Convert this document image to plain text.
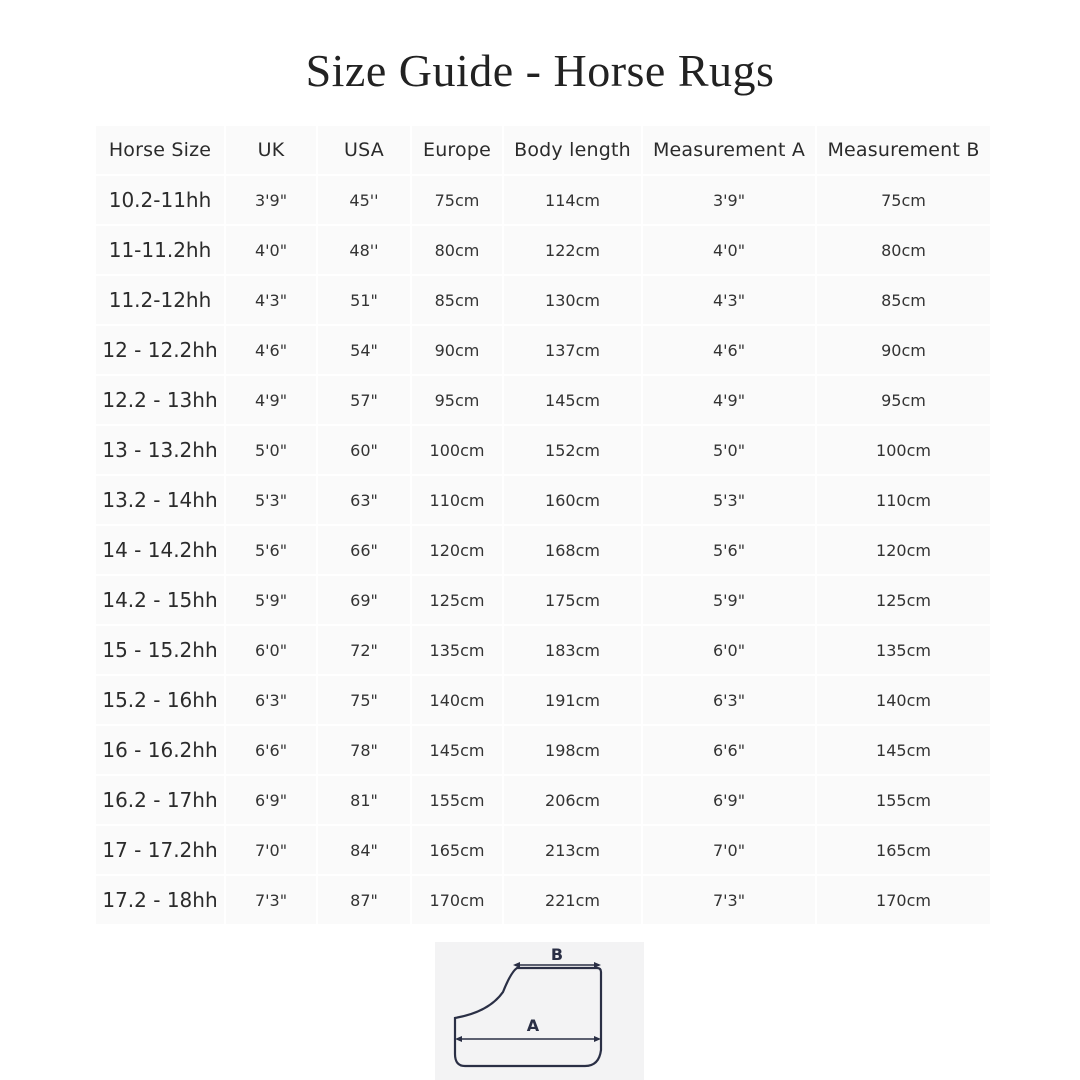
Size Guide - Horse Rugs
Horse Size	UK	USA	Europe	Body length	Measurement A	Measurement B
10.2-11hh	3'9"	45''	75cm	114cm	3'9"	75cm
11-11.2hh	4'0"	48''	80cm	122cm	4'0"	80cm
11.2-12hh	4'3"	51"	85cm	130cm	4'3"	85cm
12 - 12.2hh	4'6"	54"	90cm	137cm	4'6"	90cm
12.2 - 13hh	4'9"	57"	95cm	145cm	4'9"	95cm
13 - 13.2hh	5'0"	60"	100cm	152cm	5'0"	100cm
13.2 - 14hh	5'3"	63"	110cm	160cm	5'3"	110cm
14 - 14.2hh	5'6"	66"	120cm	168cm	5'6"	120cm
14.2 - 15hh	5'9"	69"	125cm	175cm	5'9"	125cm
15 - 15.2hh	6'0"	72"	135cm	183cm	6'0"	135cm
15.2 - 16hh	6'3"	75"	140cm	191cm	6'3"	140cm
16 - 16.2hh	6'6"	78"	145cm	198cm	6'6"	145cm
16.2 - 17hh	6'9"	81"	155cm	206cm	6'9"	155cm
17 - 17.2hh	7'0"	84"	165cm	213cm	7'0"	165cm
17.2 - 18hh	7'3"	87"	170cm	221cm	7'3"	170cm
B
A
